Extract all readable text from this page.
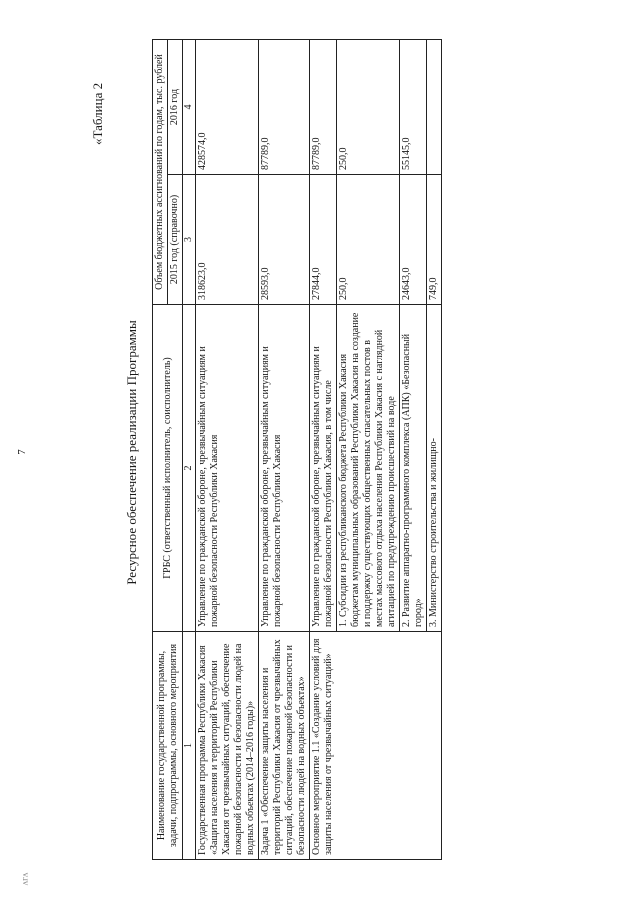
7
«Таблица 2
Ресурсное обеспечение реализации Программы
Наименование государственной программы, задачи, подпрограммы, основного мероприятия	ГРБС (ответственный исполнитель, соисполнитель)	Объем бюджетных ассигнований по годам, тыс. рублей	
		2015 год (справочно)	2016 год
1	2	3	4
Государственная программа Республики Хакасия «Защита населения и территорий Республики Хакасия от чрезвычайных ситуаций, обеспечение пожарной безопасности и безопасности людей на водных объектах (2014–2016 годы)»	Управление по гражданской обороне, чрезвычайным ситуациям и пожарной безопасности Республики Хакасия	318623,0	428574,0
Задача 1 «Обеспечение защиты населения и территорий Республики Хакасия от чрезвычайных ситуаций, обеспечение пожарной безопасности и безопасности людей на водных объектах»	Управление по гражданской обороне, чрезвычайным ситуациям и пожарной безопасности Республики Хакасия	28593,0	87789,0
Основное мероприятие 1.1 «Создание условий для защиты населения от чрезвычайных ситуаций»	Управление по гражданской обороне, чрезвычайным ситуациям и пожарной безопасности Республики Хакасия, в том числе	27844,0	87789,0
	1. Субсидии из республиканского бюджета Республики Хакасия бюджетам муниципальных образований Республики Хакасия на создание и поддержку существующих общественных спасательных постов в местах массового отдыха населения Республики Хакасия с наглядной агитацией по предупреждению происшествий на воде	250,0	250,0
	2. Развитие аппаратно-программного комплекса (АПК) «Безопасный город»	24643,0	55145,0
	3. Министерство строительства и жилищно-	749,0	
ᴧᴦᴧ
